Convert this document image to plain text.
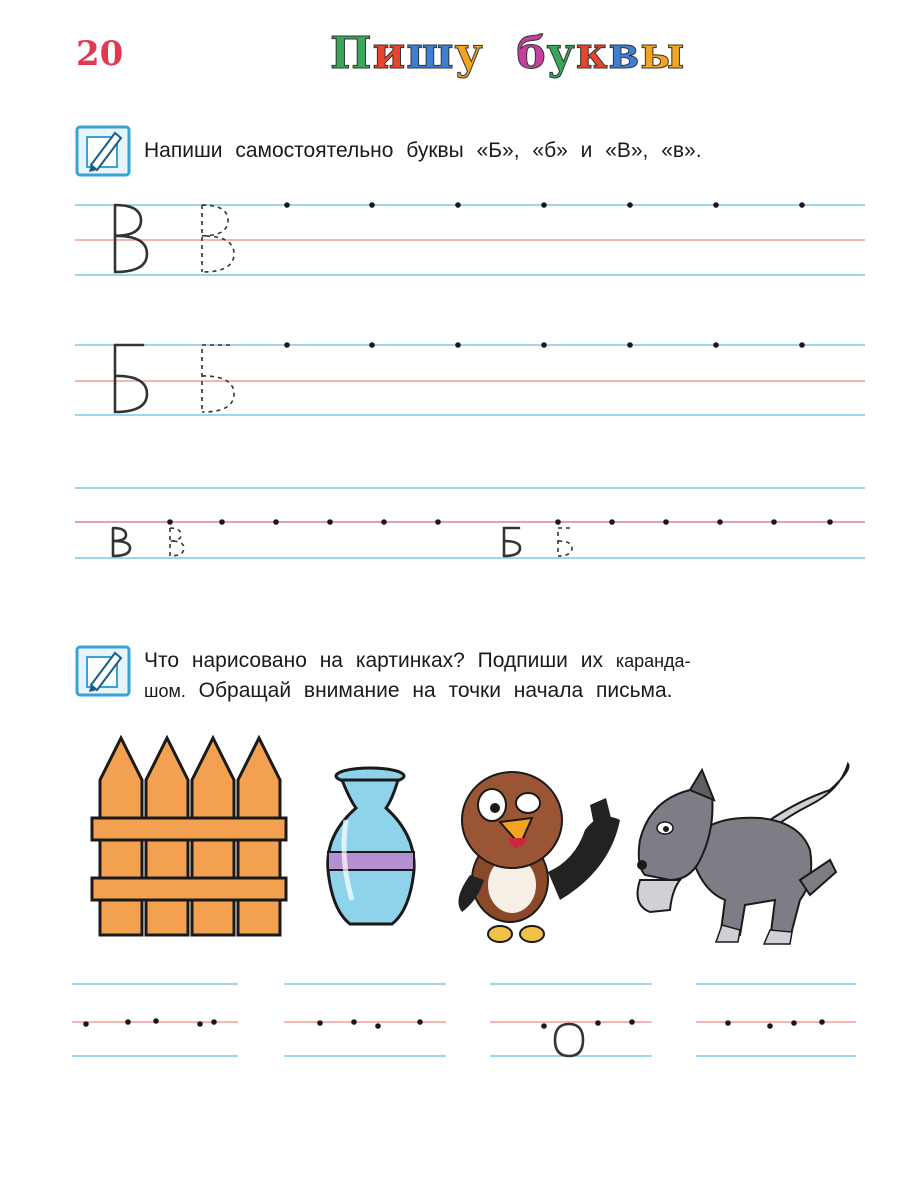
20	Пишу буквы
Напиши самостоятельно буквы «Б», «б» и «В», «в».
Что нарисовано на картинках? Подпиши их каранда-
шом. Обращай внимание на точки начала письма.
